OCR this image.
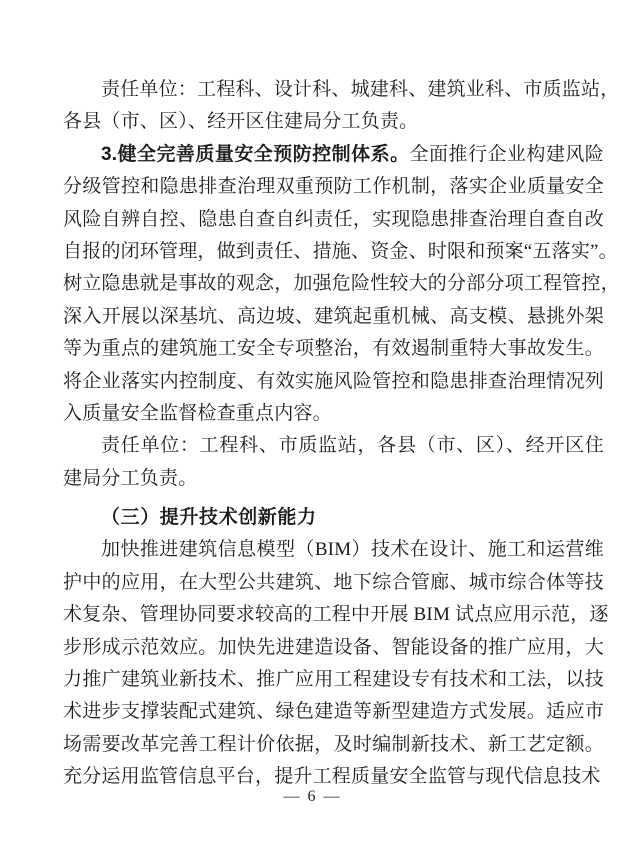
责任单位：工程科、设计科、城建科、建筑业科、市质监站，
各县（市、区）、经开区住建局分工负责。
3.健全完善质量安全预防控制体系。全面推行企业构建风险
分级管控和隐患排查治理双重预防工作机制，落实企业质量安全
风险自辨自控、隐患自查自纠责任，实现隐患排查治理自查自改
自报的闭环管理，做到责任、措施、资金、时限和预案“五落实”。
树立隐患就是事故的观念，加强危险性较大的分部分项工程管控，
深入开展以深基坑、高边坡、建筑起重机械、高支模、悬挑外架
等为重点的建筑施工安全专项整治，有效遏制重特大事故发生。
将企业落实内控制度、有效实施风险管控和隐患排查治理情况列
入质量安全监督检查重点内容。
责任单位：工程科、市质监站，各县（市、区）、经开区住
建局分工负责。
（三）提升技术创新能力
加快推进建筑信息模型（BIM）技术在设计、施工和运营维
护中的应用，在大型公共建筑、地下综合管廊、城市综合体等技
术复杂、管理协同要求较高的工程中开展 BIM 试点应用示范，逐
步形成示范效应。加快先进建造设备、智能设备的推广应用，大
力推广建筑业新技术、推广应用工程建设专有技术和工法，以技
术进步支撑装配式建筑、绿色建造等新型建造方式发展。适应市
场需要改革完善工程计价依据，及时编制新技术、新工艺定额。
充分运用监管信息平台，提升工程质量安全监管与现代信息技术
— 6 —
